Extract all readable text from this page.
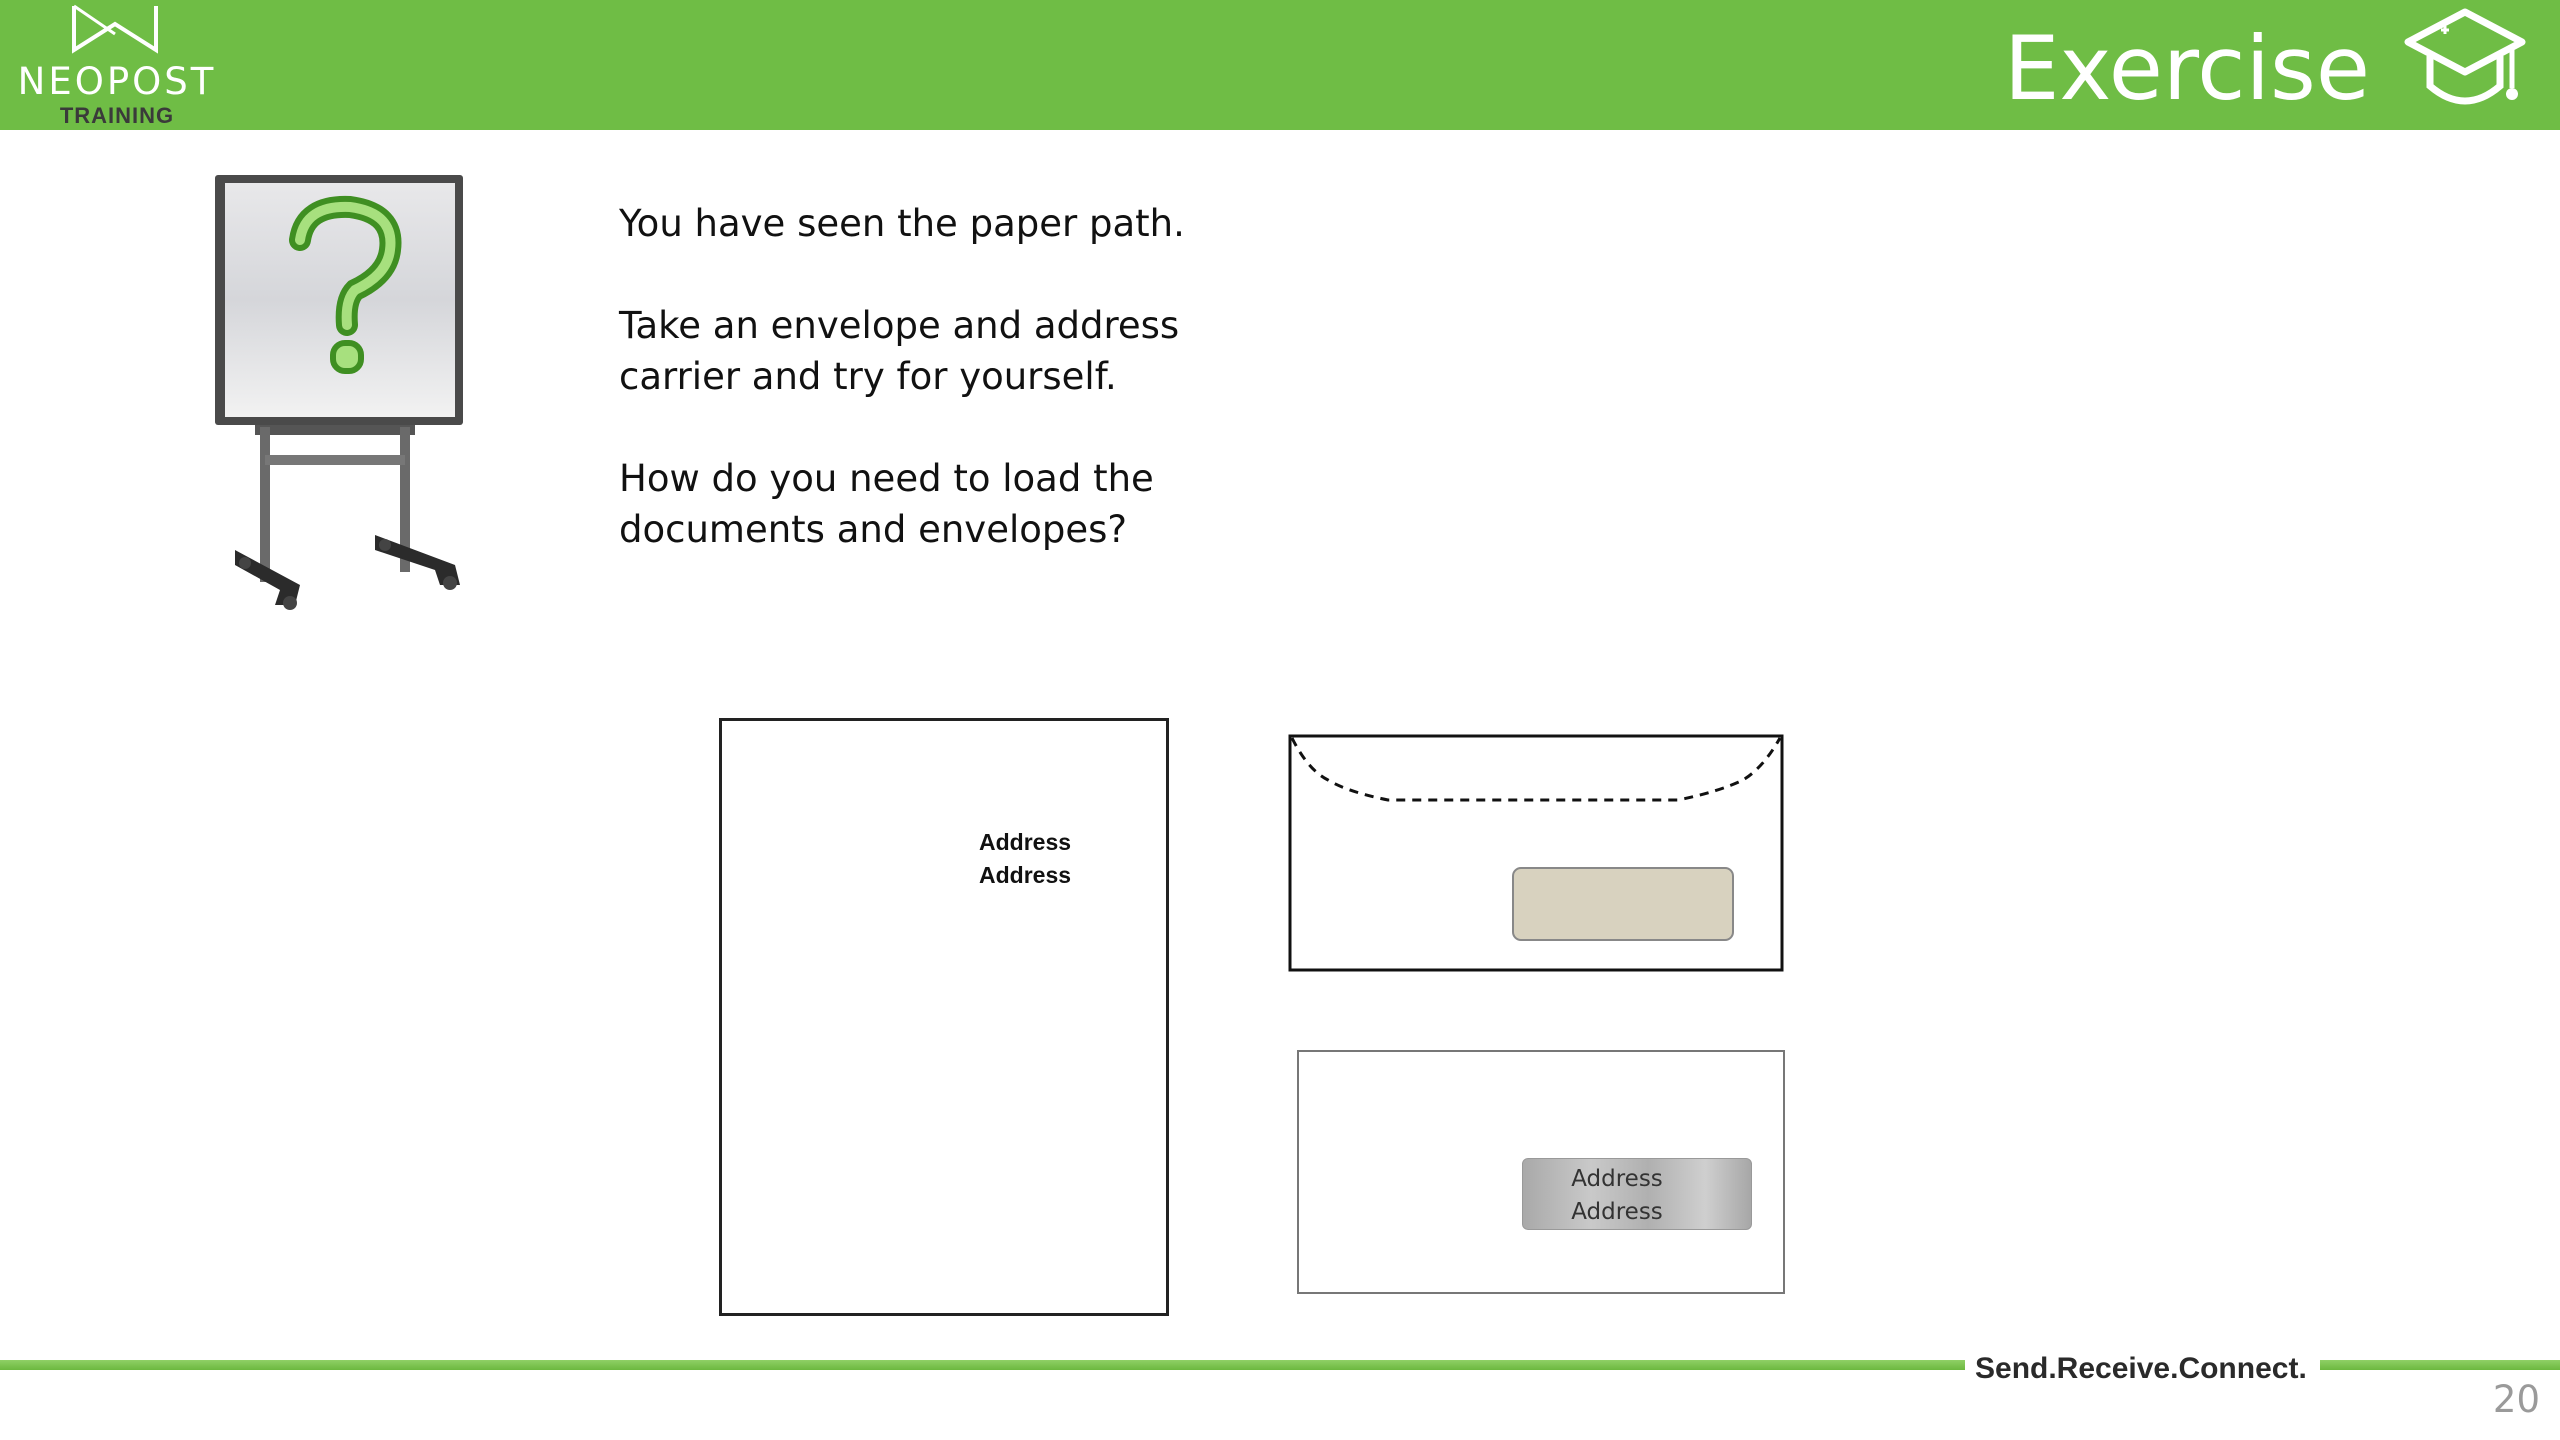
NEOPOST
TRAINING	Exercise

You have seen the paper path.

Take an envelope and address carrier and try for yourself.

How do you need to load the documents and envelopes?

Address
Address
Address
Address
Send.Receive.Connect.
20
